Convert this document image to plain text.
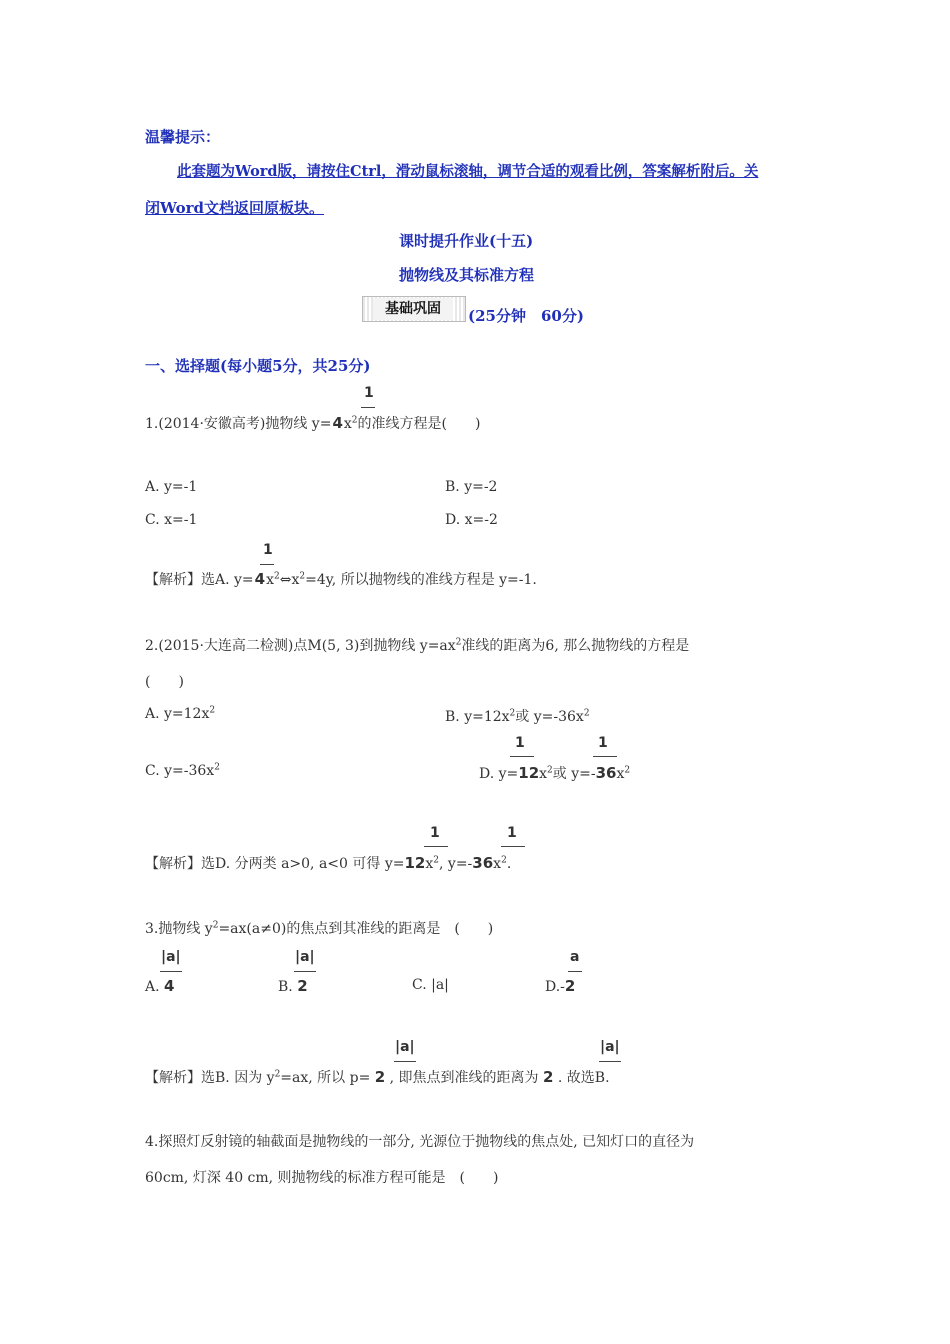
温馨提示：
此套题为Word版，请按住Ctrl，滑动鼠标滚轴，调节合适的观看比例，答案解析附后。关
闭Word文档返回原板块。
课时提升作业(十五)
抛物线及其标准方程
基础巩固	(25分钟　60分)
一、选择题(每小题5分，共25分)
1
1.(2014·安徽高考)抛物线 $y=4x^2$的准线方程是(　　)
A. y=-1	B. y=-2
C. x=-1	D. x=-2
1
【解析】选A. $y=4x^2\Leftrightarrow x^2=4y$, 所以抛物线的准线方程是 y=-1.
2.(2015·大连高二检测)点M(5, 3)到抛物线 $y=ax^2$准线的距离为6, 那么抛物线的方程是
(　　)
A. $y=12x^2$	B. $y=12x^2$或 $y=-36x^2$
C. $y=-36x^2$
1	1
D. $y=12x^2$或 $y=-36x^2$
1	1
【解析】选D. 分两类 a>0, a<0 可得 $y=12x^2$, $y=-36x^2$.
3.抛物线 $y^2=ax(a\ne 0)$的焦点到其准线的距离是　(　　)
|a|
A. 4
|a|
B. 2	C. |a|
a
D.-2
|a|	|a|
【解析】选B. 因为 $y^2=ax$, 所以 p= 2 , 即焦点到准线的距离为 2 . 故选B.
4.探照灯反射镜的轴截面是抛物线的一部分, 光源位于抛物线的焦点处, 已知灯口的直径为
60cm, 灯深 40 cm, 则抛物线的标准方程可能是　(　　)
